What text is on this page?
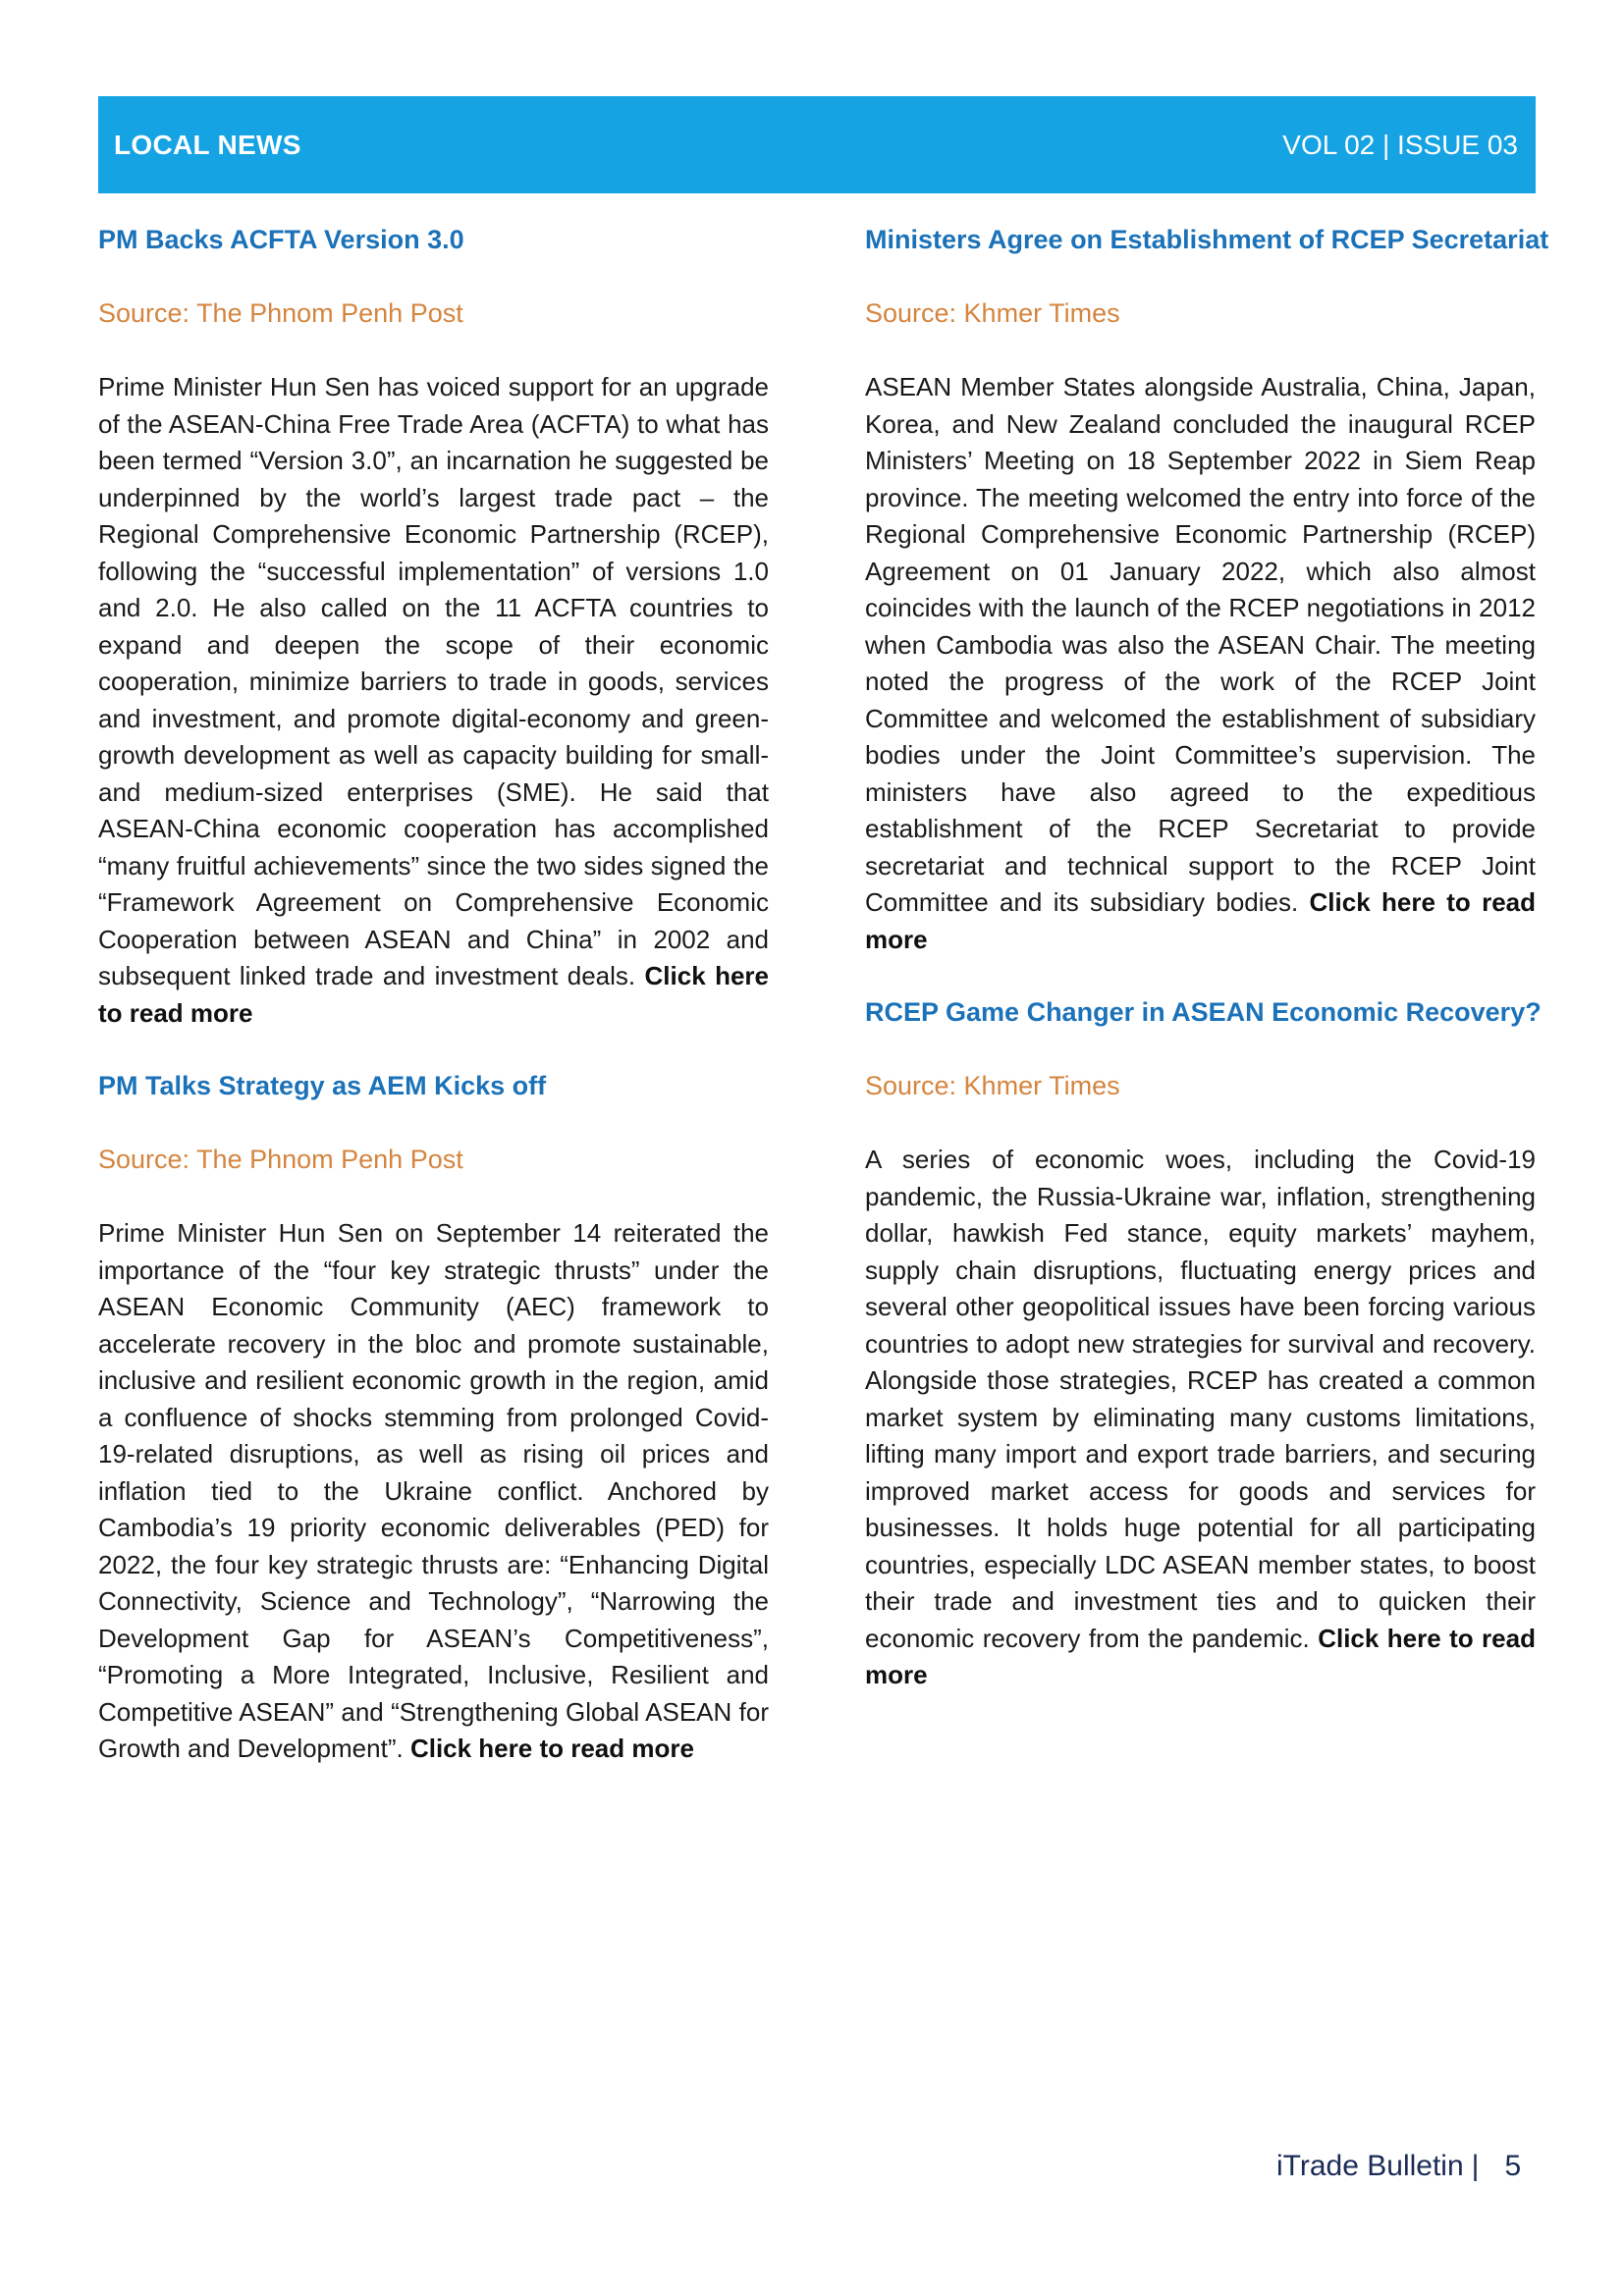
LOCAL NEWS	VOL 02 | ISSUE 03

PM Backs ACFTA Version 3.0

Source: The Phnom Penh Post

Prime Minister Hun Sen has voiced support for an upgrade of the ASEAN-China Free Trade Area (ACFTA) to what has been termed “Version 3.0”, an incarnation he suggested be underpinned by the world’s largest trade pact – the Regional Comprehensive Economic Partnership (RCEP), following the “successful implementation” of versions 1.0 and 2.0. He also called on the 11 ACFTA countries to expand and deepen the scope of their economic cooperation, minimize barriers to trade in goods, services and investment, and promote digital-economy and green-growth development as well as capacity building for small- and medium-sized enterprises (SME). He said that ASEAN-China economic cooperation has accomplished “many fruitful achievements” since the two sides signed the “Framework Agreement on Comprehensive Economic Cooperation between ASEAN and China” in 2002 and subsequent linked trade and investment deals. Click here to read more

PM Talks Strategy as AEM Kicks off

Source: The Phnom Penh Post

Prime Minister Hun Sen on September 14 reiterated the importance of the “four key strategic thrusts” under the ASEAN Economic Community (AEC) framework to accelerate recovery in the bloc and promote sustainable, inclusive and resilient economic growth in the region, amid a confluence of shocks stemming from prolonged Covid-19-related disruptions, as well as rising oil prices and inflation tied to the Ukraine conflict. Anchored by Cambodia’s 19 priority economic deliverables (PED) for 2022, the four key strategic thrusts are: “Enhancing Digital Connectivity, Science and Technology”, “Narrowing the Development Gap for ASEAN’s Competitiveness”, “Promoting a More Integrated, Inclusive, Resilient and Competitive ASEAN” and “Strengthening Global ASEAN for Growth and Development”. Click here to read more

Ministers Agree on Establishment of RCEP Secretariat

Source: Khmer Times

ASEAN Member States alongside Australia, China, Japan, Korea, and New Zealand concluded the inaugural RCEP Ministers’ Meeting on 18 September 2022 in Siem Reap province. The meeting welcomed the entry into force of the Regional Comprehensive Economic Partnership (RCEP) Agreement on 01 January 2022, which also almost coincides with the launch of the RCEP negotiations in 2012 when Cambodia was also the ASEAN Chair. The meeting noted the progress of the work of the RCEP Joint Committee and welcomed the establishment of subsidiary bodies under the Joint Committee’s supervision. The ministers have also agreed to the expeditious establishment of the RCEP Secretariat to provide secretariat and technical support to the RCEP Joint Committee and its subsidiary bodies. Click here to read more

RCEP Game Changer in ASEAN Economic Recovery?

Source: Khmer Times

A series of economic woes, including the Covid-19 pandemic, the Russia-Ukraine war, inflation, strengthening dollar, hawkish Fed stance, equity markets’ mayhem, supply chain disruptions, fluctuating energy prices and several other geopolitical issues have been forcing various countries to adopt new strategies for survival and recovery. Alongside those strategies, RCEP has created a common market system by eliminating many customs limitations, lifting many import and export trade barriers, and securing improved market access for goods and services for businesses. It holds huge potential for all participating countries, especially LDC ASEAN member states, to boost their trade and investment ties and to quicken their economic recovery from the pandemic. Click here to read more

iTrade Bulletin | 5
